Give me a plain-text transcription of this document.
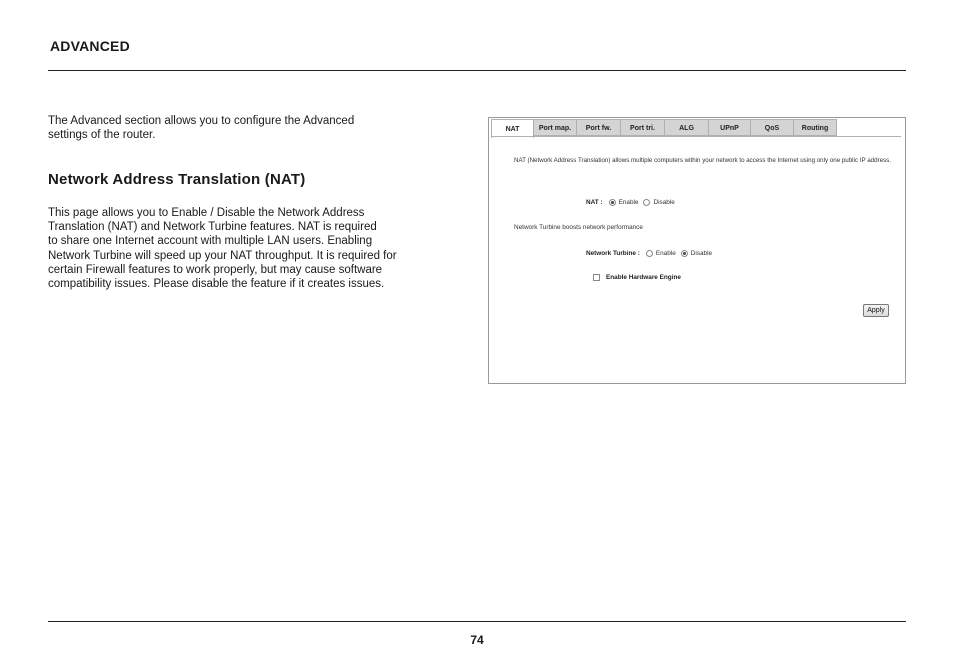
ADVANCED
The Advanced section allows you to configure the Advanced settings of the router.
Network Address Translation (NAT)
This page allows you to Enable / Disable the Network Address
Translation (NAT) and Network Turbine features. NAT is required
to share one Internet account with multiple LAN users. Enabling
Network Turbine will speed up your NAT throughput. It is required for
certain Firewall features to work properly, but may cause software
compatibility issues. Please disable the feature if it creates issues.
NAT	Port map.	Port fw.	Port tri.	ALG	UPnP	QoS	Routing
NAT (Network Address Translation) allows multiple computers within your network to access the Internet using only one public IP address.
NAT :	Enable Disable
Network Turbine boosts network performance
Network Turbine :	Enable Disable
Enable Hardware Engine
Apply
74
